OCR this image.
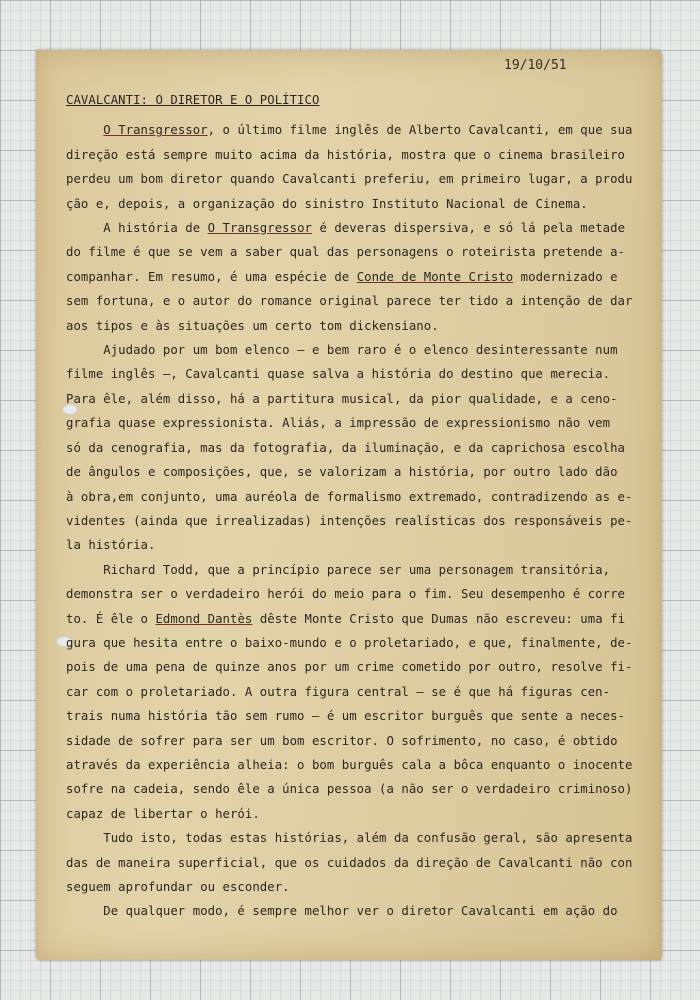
19/10/51
CAVALCANTI: O DIRETOR E O POLÍTICO
O Transgressor, o último filme inglês de Alberto Cavalcanti, em que sua
direção está sempre muito acima da história, mostra que o cinema brasileiro
perdeu um bom diretor quando Cavalcanti preferiu, em primeiro lugar, a produ
ção e, depois, a organização do sinistro Instituto Nacional de Cinema.
A história de O Transgressor é deveras dispersiva, e só lá pela metade
do filme é que se vem a saber qual das personagens o roteirista pretende a-
companhar. Em resumo, é uma espécie de Conde de Monte Cristo modernizado e
sem fortuna, e o autor do romance original parece ter tido a intenção de dar
aos tipos e às situações um certo tom dickensiano.
Ajudado por um bom elenco — e bem raro é o elenco desinteressante num
filme inglês —, Cavalcanti quase salva a história do destino que merecia.
Para êle, além disso, há a partitura musical, da pior qualidade, e a ceno-
grafia quase expressionista. Aliás, a impressão de expressionismo não vem
só da cenografia, mas da fotografia, da iluminação, e da caprichosa escolha
de ângulos e composições, que, se valorizam a história, por outro lado dão
à obra,em conjunto, uma auréola de formalismo extremado, contradizendo as e-
videntes (ainda que irrealizadas) intenções realísticas dos responsáveis pe-
la história.
Richard Todd, que a princípio parece ser uma personagem transitória,
demonstra ser o verdadeiro herói do meio para o fim. Seu desempenho é corre
to. É êle o Edmond Dantès dêste Monte Cristo que Dumas não escreveu: uma fi
gura que hesita entre o baixo-mundo e o proletariado, e que, finalmente, de-
pois de uma pena de quinze anos por um crime cometido por outro, resolve fi-
car com o proletariado. A outra figura central — se é que há figuras cen-
trais numa história tão sem rumo — é um escritor burguês que sente a neces-
sidade de sofrer para ser um bom escritor. O sofrimento, no caso, é obtido
através da experiência alheia: o bom burguês cala a bôca enquanto o inocente
sofre na cadeia, sendo êle a única pessoa (a não ser o verdadeiro criminoso)
capaz de libertar o herói.
Tudo isto, todas estas histórias, além da confusão geral, são apresenta
das de maneira superficial, que os cuidados da direção de Cavalcanti não con
seguem aprofundar ou esconder.
De qualquer modo, é sempre melhor ver o diretor Cavalcanti em ação do
